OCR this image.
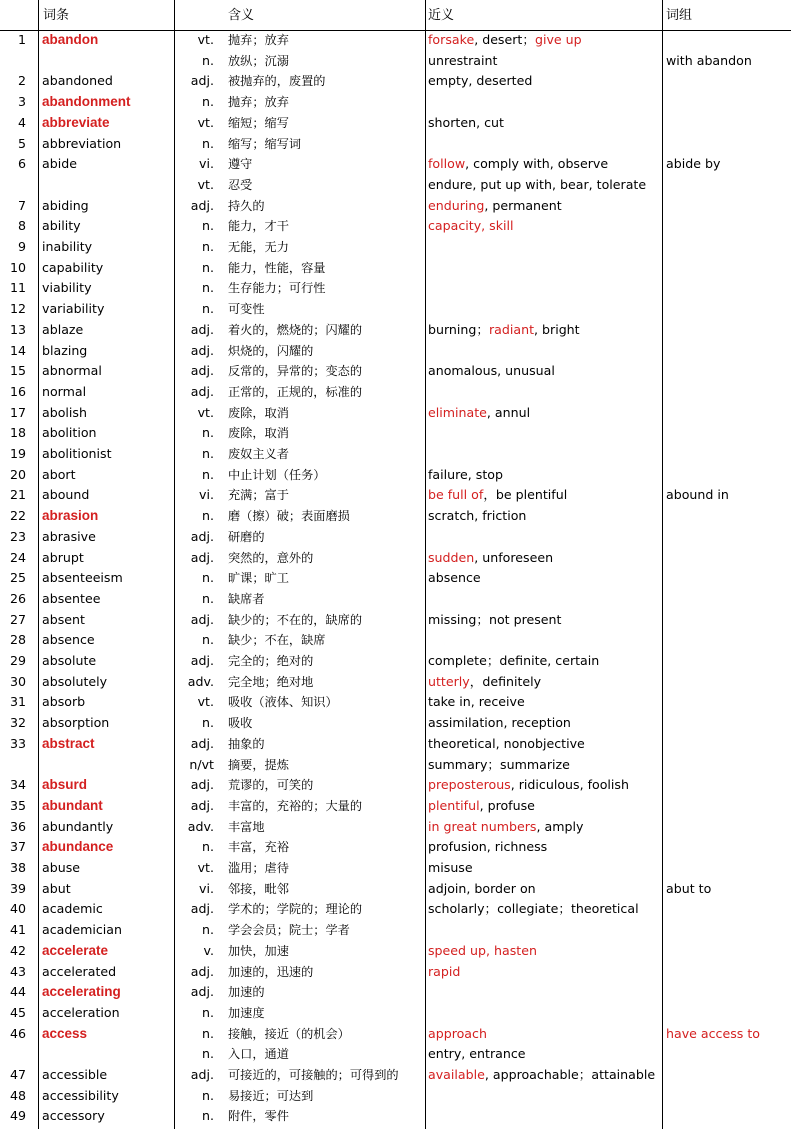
词条	含义	近义	词组
1 abandon	vt. 抛弃；放弃	forsake, desert；give up
n. 放纵；沉溺	unrestraint	with abandon
2 abandoned	adj. 被抛弃的，废置的	empty, deserted
3 abandonment	n. 抛弃；放弃
4 abbreviate	vt. 缩短；缩写	shorten, cut
5 abbreviation	n. 缩写；缩写词
6 abide	vi. 遵守	follow, comply with, observe	abide by
vt. 忍受	endure, put up with, bear, tolerate
7 abiding	adj. 持久的	enduring, permanent
8 ability	n. 能力，才干	capacity, skill
9 inability	n. 无能，无力
10 capability	n. 能力，性能，容量
11 viability	n. 生存能力；可行性
12 variability	n. 可变性
13 ablaze	adj. 着火的，燃烧的；闪耀的	burning；radiant, bright
14 blazing	adj. 炽烧的，闪耀的
15 abnormal	adj. 反常的，异常的；变态的	anomalous, unusual
16 normal	adj. 正常的，正规的，标准的
17 abolish	vt. 废除，取消	eliminate, annul
18 abolition	n. 废除，取消
19 abolitionist	n. 废奴主义者
20 abort	n. 中止计划（任务）	failure, stop
21 abound	vi. 充满；富于	be full of，be plentiful	abound in
22 abrasion	n. 磨（擦）破；表面磨损	scratch, friction
23 abrasive	adj. 研磨的
24 abrupt	adj. 突然的，意外的	sudden, unforeseen
25 absenteeism	n. 旷课；旷工	absence
26 absentee	n. 缺席者
27 absent	adj. 缺少的；不在的，缺席的	missing；not present
28 absence	n. 缺少；不在，缺席
29 absolute	adj. 完全的；绝对的	complete；definite, certain
30 absolutely	adv. 完全地；绝对地	utterly，definitely
31 absorb	vt. 吸收（液体、知识）	take in, receive
32 absorption	n. 吸收	assimilation, reception
33 abstract	adj. 抽象的	theoretical, nonobjective
n/vt 摘要，提炼	summary；summarize
34 absurd	adj. 荒谬的，可笑的	preposterous, ridiculous, foolish
35 abundant	adj. 丰富的，充裕的；大量的	plentiful, profuse
36 abundantly	adv. 丰富地	in great numbers, amply
37 abundance	n. 丰富，充裕	profusion, richness
38 abuse	vt. 滥用；虐待	misuse
39 abut	vi. 邻接，毗邻	adjoin, border on	abut to
40 academic	adj. 学术的；学院的；理论的	scholarly；collegiate；theoretical
41 academician	n. 学会会员；院士；学者
42 accelerate	v. 加快，加速	speed up, hasten
43 accelerated	adj. 加速的，迅速的	rapid
44 accelerating	adj. 加速的
45 acceleration	n. 加速度
46 access	n. 接触，接近（的机会）	approach	have access to
n. 入口，通道	entry, entrance
47 accessible	adj. 可接近的，可接触的；可得到的 available, approachable；attainable
48 accessibility	n. 易接近；可达到
49 accessory	n. 附件，零件
